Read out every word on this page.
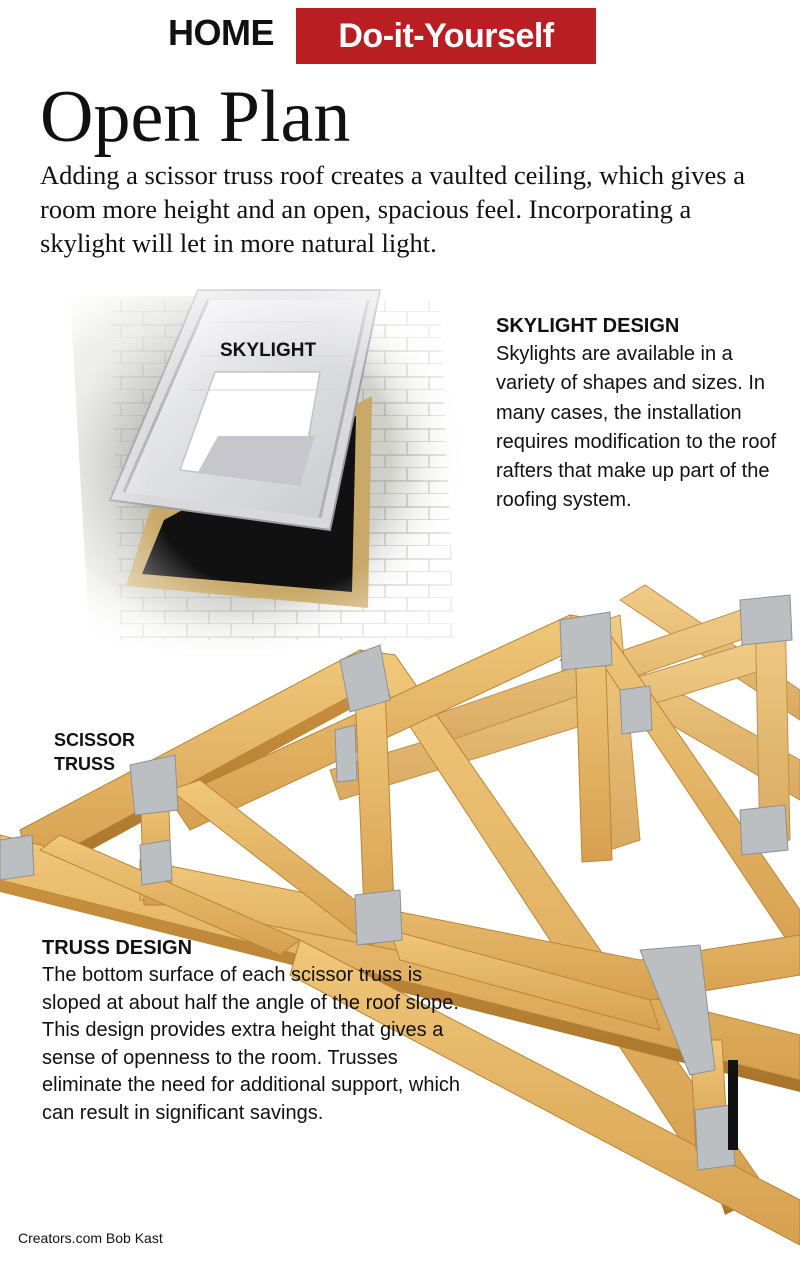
HOME	Do-it-Yourself
Open Plan

Adding a scissor truss roof creates a vaulted ceiling, which gives a room more height and an open, spacious feel. Incorporating a skylight will let in more natural light.

SKYLIGHT

SKYLIGHT DESIGN

Skylights are available in a variety of shapes and sizes. In many cases, the installation requires modification to the roof rafters that make up part of the roofing system.

SCISSOR
TRUSS

TRUSS DESIGN

The bottom surface of each scissor truss is sloped at about half the angle of the roof slope. This design provides extra height that gives a sense of openness to the room. Trusses eliminate the need for additional support, which can result in significant savings.

Creators.com Bob Kast
